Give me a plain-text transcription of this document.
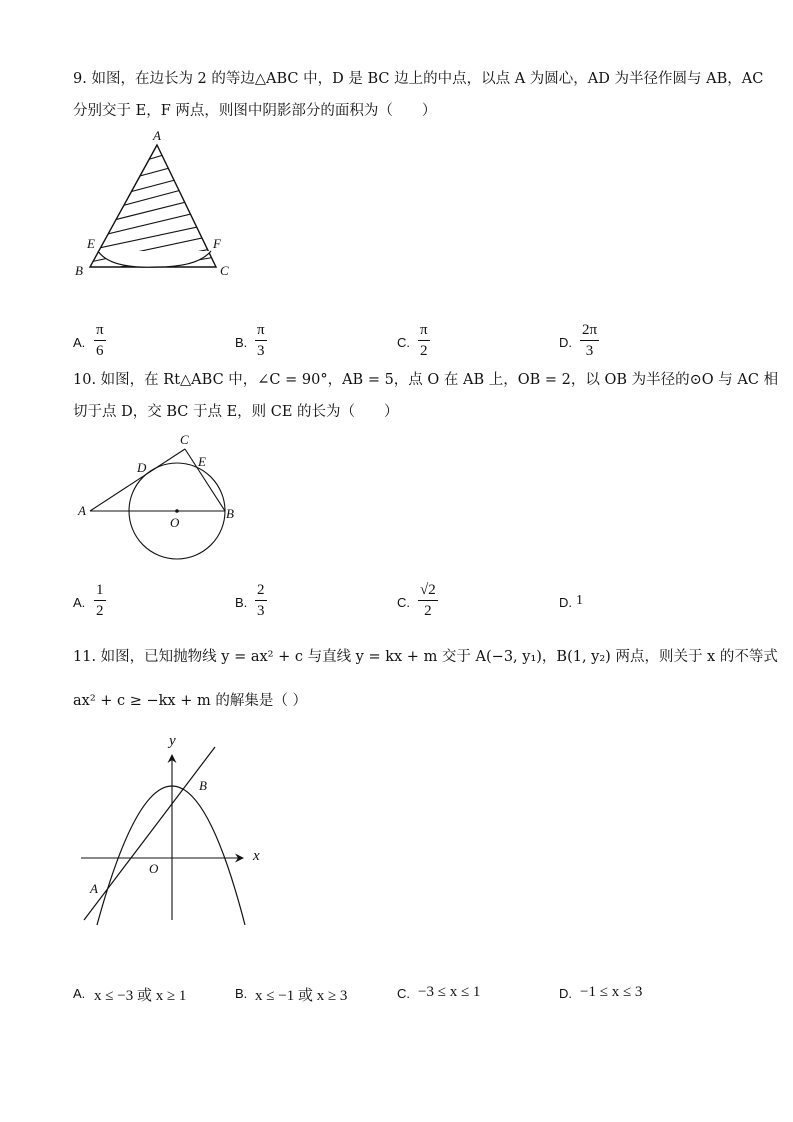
9. 如图，在边长为 2 的等边△ABC 中，D 是 BC 边上的中点，以点 A 为圆心，AD 为半径作圆与 AB，AC
分别交于 E，F 两点，则图中阴影部分的面积为（　　）
A
E	F
B	C
A. $\frac{\pi}{6}$	B. $\frac{\pi}{3}$	C. $\frac{\pi}{2}$	D. $\frac{2\pi}{3}$
10. 如图，在 Rt△ABC 中，∠C = 90°，AB = 5，点 O 在 AB 上，OB = 2，以 OB 为半径的⊙O 与 AC 相
切于点 D，交 BC 于点 E，则 CE 的长为（　　）
C
D	E
A
O
B
A. $\frac{1}{2}$	B. $\frac{2}{3}$	C. $\frac{√2}{2}$	D. 1
11. 如图，已知抛物线 y = ax² + c 与直线 y = kx + m 交于 A(−3, y₁)，B(1, y₂) 两点，则关于 x 的不等式
ax² + c ≥ −kx + m 的解集是（ ）
y
x
O
A
B
A. x ≤ −3 或 x ≥ 1	B. x ≤ −1 或 x ≥ 3	C. −3 ≤ x ≤ 1	D. −1 ≤ x ≤ 3
